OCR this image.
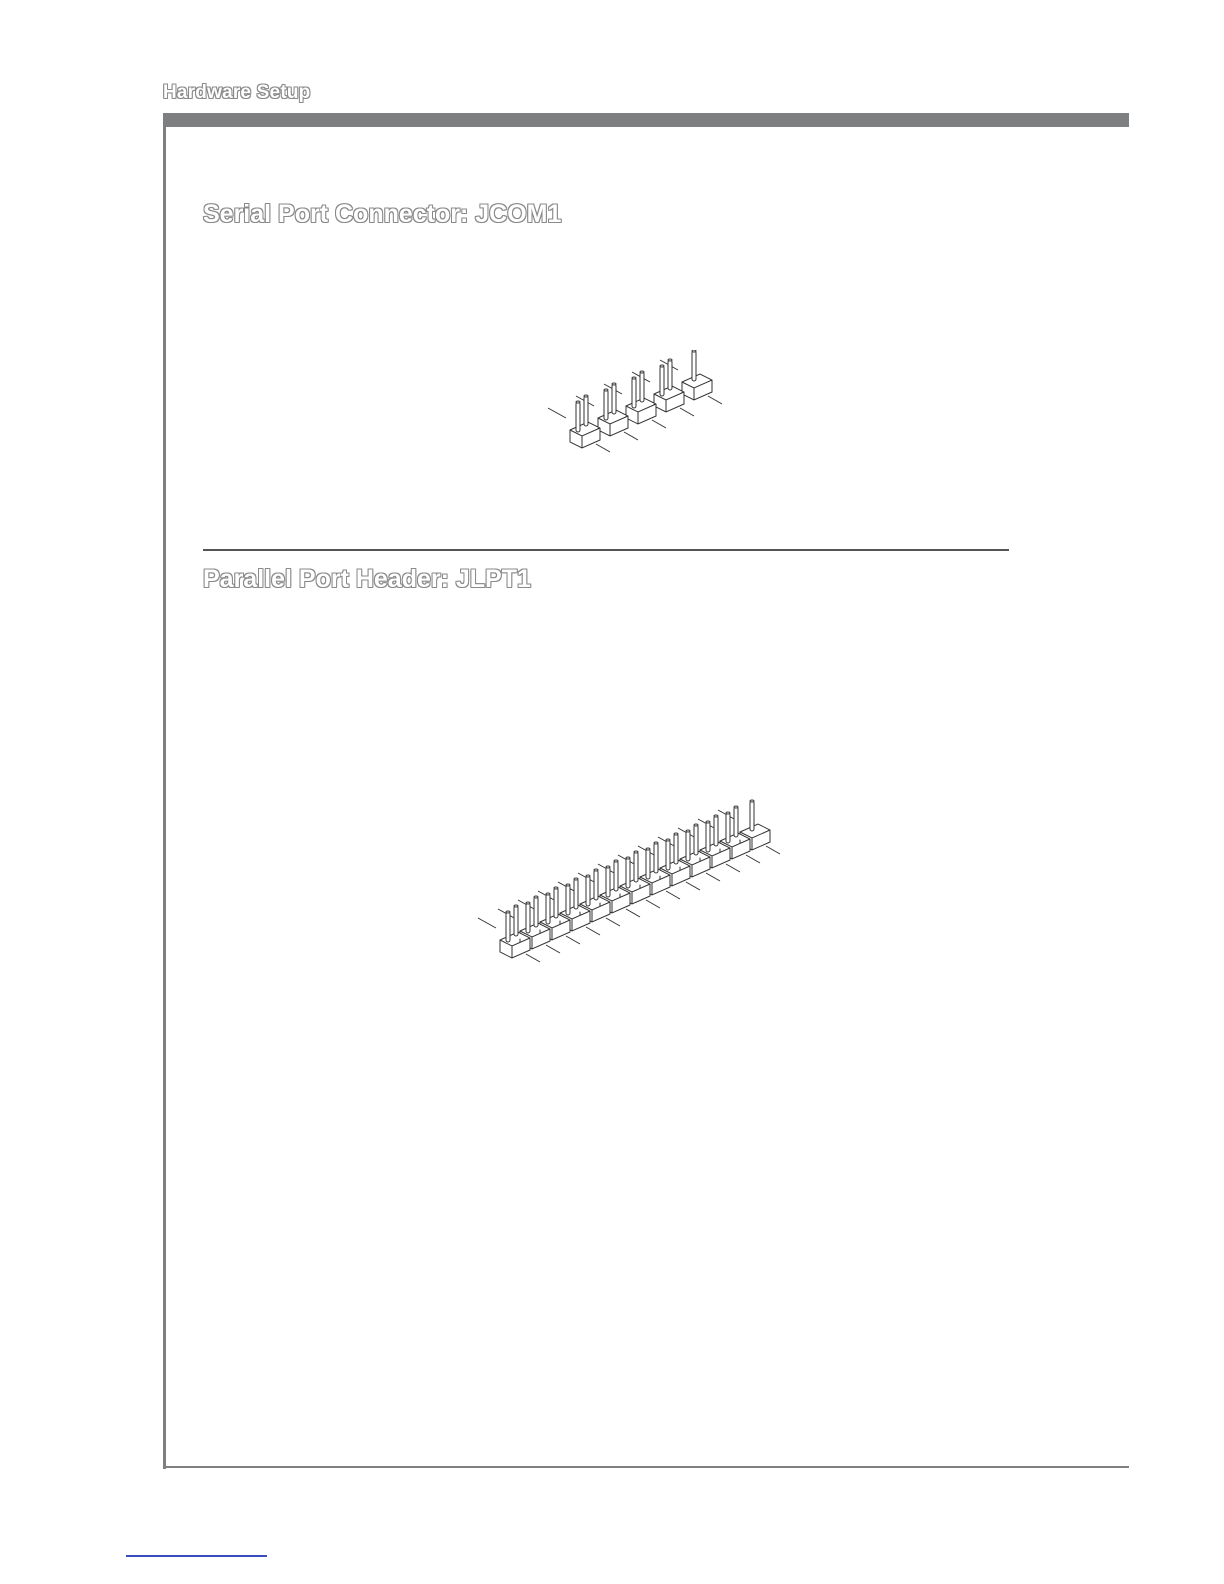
Hardware Setup
Serial Port Connector: JCOM1
Parallel Port Header: JLPT1
